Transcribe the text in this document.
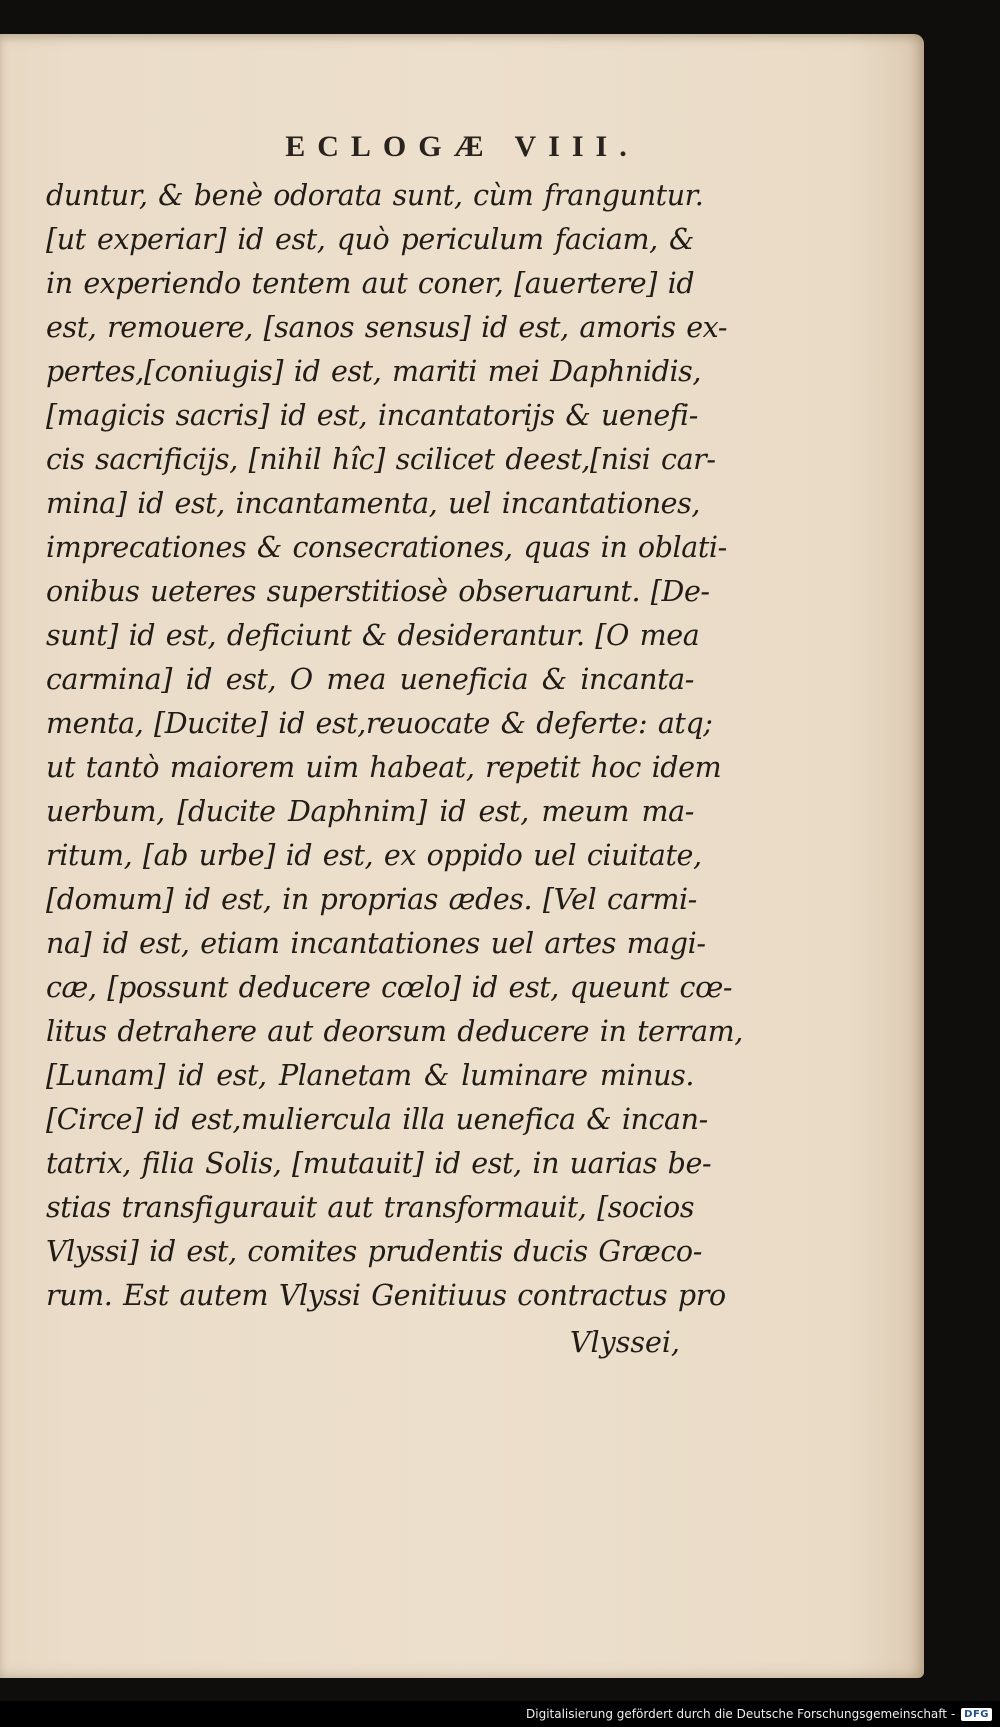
ECLOGÆ VIII.
duntur, & benè odorata sunt, cùm franguntur.
[ut experiar] id est, quò periculum faciam, &
in experiendo tentem aut coner, [auertere] id
est, remouere, [sanos sensus] id est, amoris ex-
pertes,[coniugis] id est, mariti mei Daphnidis,
[magicis sacris] id est, incantatorijs & uenefi-
cis sacrificijs, [nihil hîc] scilicet deest,[nisi car-
mina] id est, incantamenta, uel incantationes,
imprecationes & consecrationes, quas in oblati-
onibus ueteres superstitiosè obseruarunt. [De-
sunt] id est, deficiunt & desiderantur. [O mea
carmina] id est, O mea ueneficia & incanta-
menta, [Ducite] id est,reuocate & deferte: atq;
ut tantò maiorem uim habeat, repetit hoc idem
uerbum, [ducite Daphnim] id est, meum ma-
ritum, [ab urbe] id est, ex oppido uel ciuitate,
[domum] id est, in proprias ædes. [Vel carmi-
na] id est, etiam incantationes uel artes magi-
cæ, [possunt deducere cœlo] id est, queunt cœ-
litus detrahere aut deorsum deducere in terram,
[Lunam] id est, Planetam & luminare minus.
[Circe] id est,muliercula illa uenefica & incan-
tatrix, filia Solis, [mutauit] id est, in uarias be-
stias transfigurauit aut transformauit, [socios
Vlyssi] id est, comites prudentis ducis Græco-
rum. Est autem Vlyssi Genitiuus contractus pro
Vlyssei,
Digitalisierung gefördert durch die Deutsche Forschungsgemeinschaft - DFG
